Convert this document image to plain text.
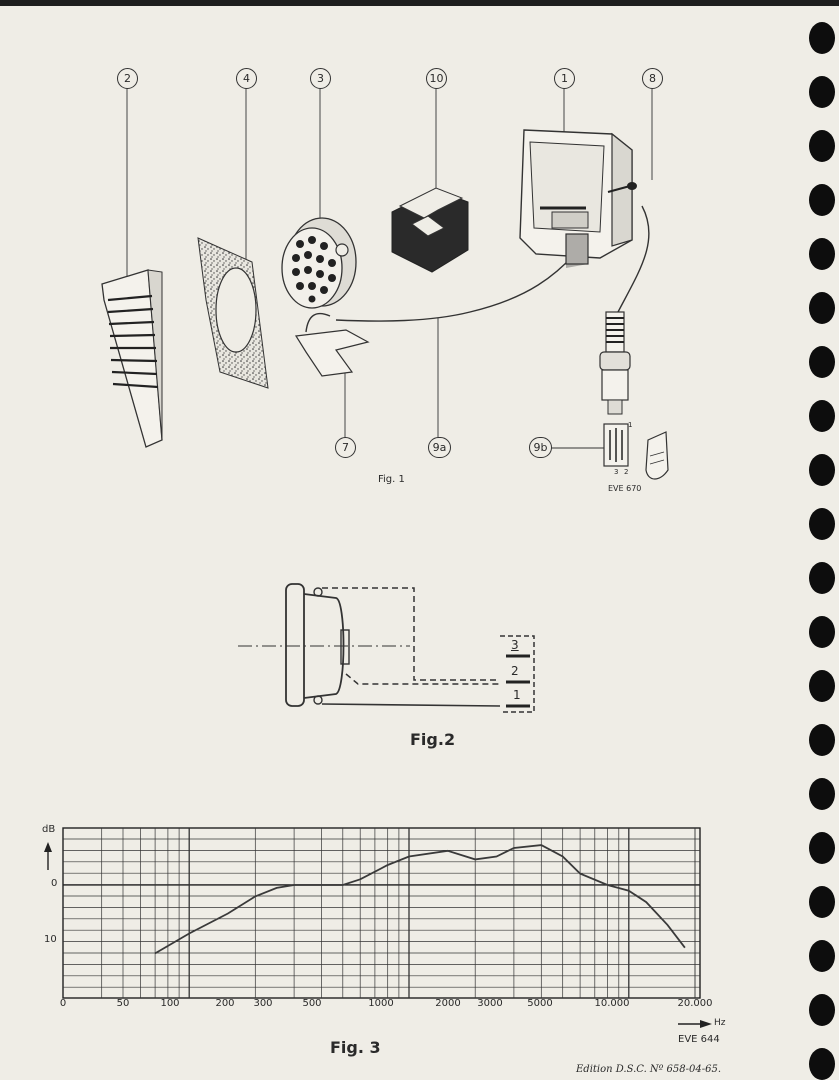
2	4	3	10	1	8
7	9a	9b
1
3 2
Fig. 1
EVE 670
3
2
1
Fig.2
dB
0
10
0	50	100	200 300	500	1000	2000 3000 5000	10.000	20.000
Hz
EVE 644
Fig. 3
Edition D.S.C. Nº 658-04-65.
